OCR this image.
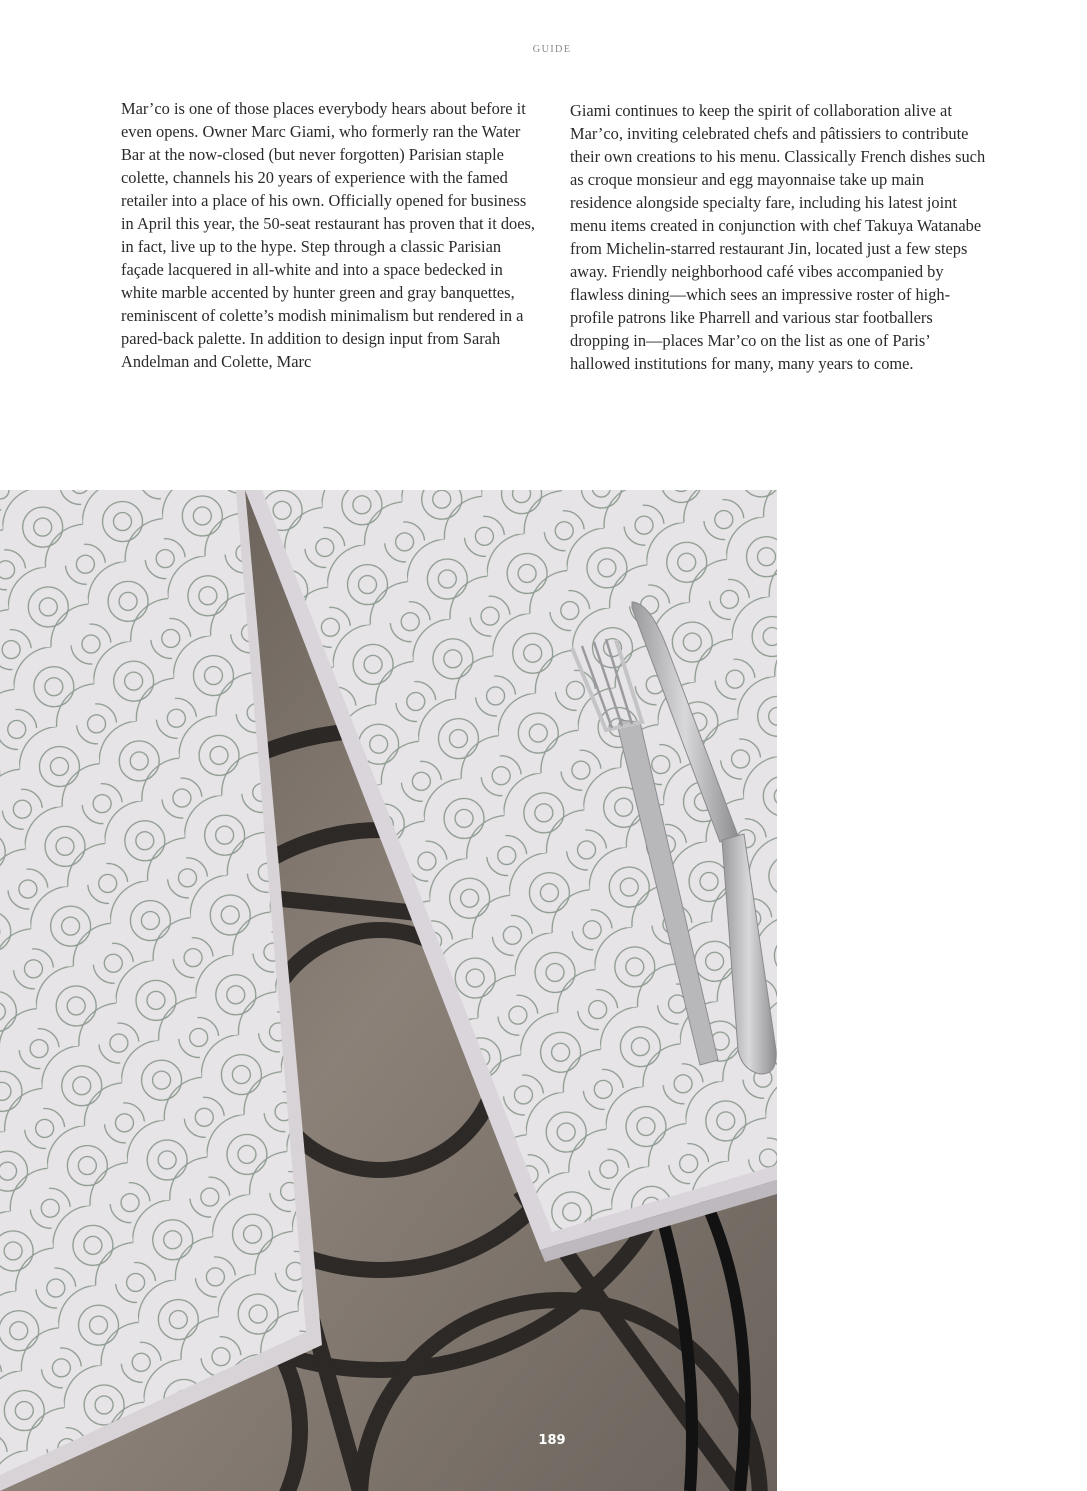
GUIDE

Mar’co is one of those places everybody hears about before it even opens. Owner Marc Giami, who formerly ran the Water Bar at the now-closed (but never forgotten) Parisian staple colette, channels his 20 years of experience with the famed retailer into a place of his own. Officially opened for business in April this year, the 50-seat restaurant has proven that it does, in fact, live up to the hype. Step through a classic Parisian façade lacquered in all-white and into a space bedecked in white marble accented by hunter green and gray banquettes, reminiscent of colette’s modish minimalism but rendered in a pared-back palette. In addition to design input from Sarah Andelman and Colette, Marc

Giami continues to keep the spirit of collaboration alive at Mar’co, inviting celebrated chefs and pâtissiers to contribute their own creations to his menu. Classically French dishes such as croque monsieur and egg mayonnaise take up main residence alongside specialty fare, including his latest joint menu items created in conjunction with chef Takuya Watanabe from Michelin-starred restaurant Jin, located just a few steps away. Friendly neighborhood café vibes accompanied by flawless dining—which sees an impressive roster of high-profile patrons like Pharrell and various star footballers dropping in—places Mar’co on the list as one of Paris’ hallowed institutions for many, many years to come.

189
